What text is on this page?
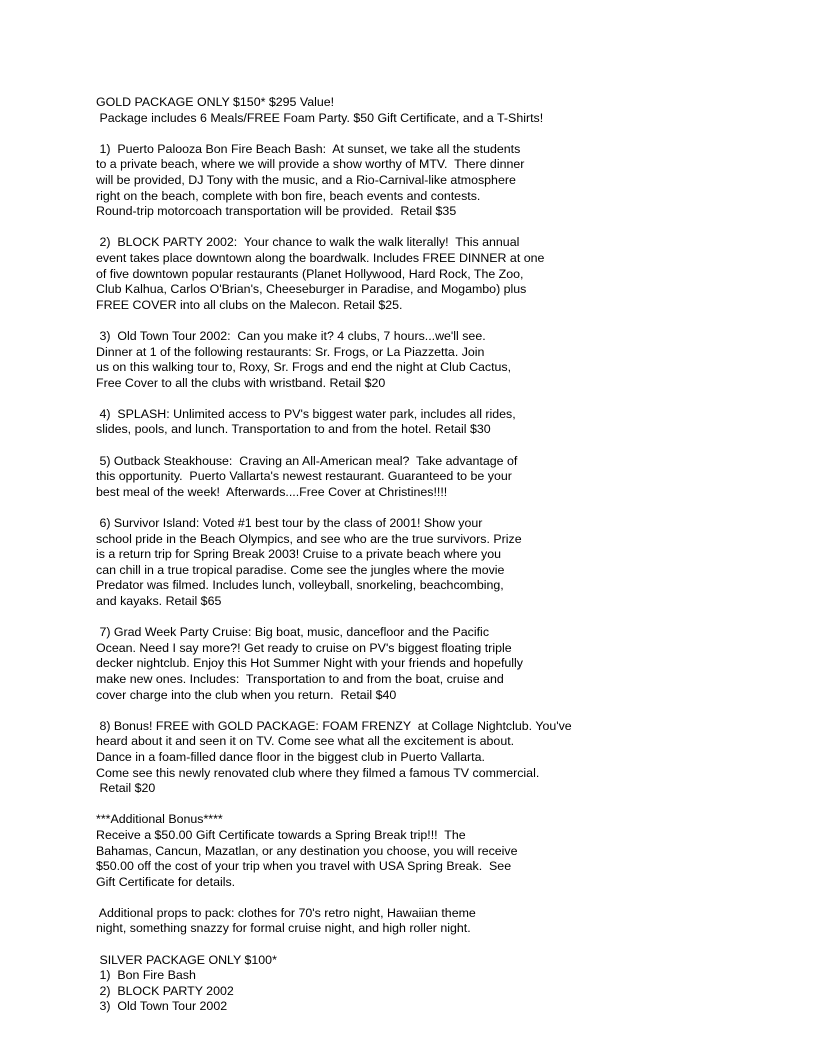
GOLD PACKAGE ONLY $150* $295 Value!
Package includes 6 Meals/FREE Foam Party. $50 Gift Certificate, and a T-Shirts!
1)  Puerto Palooza Bon Fire Beach Bash:  At sunset, we take all the students
to a private beach, where we will provide a show worthy of MTV.  There dinner
will be provided, DJ Tony with the music, and a Rio-Carnival-like atmosphere
right on the beach, complete with bon fire, beach events and contests.
Round-trip motorcoach transportation will be provided.  Retail $35
2)  BLOCK PARTY 2002:  Your chance to walk the walk literally!  This annual
event takes place downtown along the boardwalk. Includes FREE DINNER at one
of five downtown popular restaurants (Planet Hollywood, Hard Rock, The Zoo,
Club Kalhua, Carlos O'Brian's, Cheeseburger in Paradise, and Mogambo) plus
FREE COVER into all clubs on the Malecon. Retail $25.
3)  Old Town Tour 2002:  Can you make it? 4 clubs, 7 hours...we'll see.
Dinner at 1 of the following restaurants: Sr. Frogs, or La Piazzetta. Join
us on this walking tour to, Roxy, Sr. Frogs and end the night at Club Cactus,
Free Cover to all the clubs with wristband. Retail $20
4)  SPLASH: Unlimited access to PV's biggest water park, includes all rides,
slides, pools, and lunch. Transportation to and from the hotel. Retail $30
5) Outback Steakhouse:  Craving an All-American meal?  Take advantage of
this opportunity.  Puerto Vallarta's newest restaurant. Guaranteed to be your
best meal of the week!  Afterwards....Free Cover at Christines!!!!
6) Survivor Island: Voted #1 best tour by the class of 2001! Show your
school pride in the Beach Olympics, and see who are the true survivors. Prize
is a return trip for Spring Break 2003! Cruise to a private beach where you
can chill in a true tropical paradise. Come see the jungles where the movie
Predator was filmed. Includes lunch, volleyball, snorkeling, beachcombing,
and kayaks. Retail $65
7) Grad Week Party Cruise: Big boat, music, dancefloor and the Pacific
Ocean. Need I say more?! Get ready to cruise on PV's biggest floating triple
decker nightclub. Enjoy this Hot Summer Night with your friends and hopefully
make new ones. Includes:  Transportation to and from the boat, cruise and
cover charge into the club when you return.  Retail $40
8) Bonus! FREE with GOLD PACKAGE: FOAM FRENZY  at Collage Nightclub. You've
heard about it and seen it on TV. Come see what all the excitement is about.
Dance in a foam-filled dance floor in the biggest club in Puerto Vallarta.
Come see this newly renovated club where they filmed a famous TV commercial.
Retail $20
***Additional Bonus****
Receive a $50.00 Gift Certificate towards a Spring Break trip!!!  The
Bahamas, Cancun, Mazatlan, or any destination you choose, you will receive
$50.00 off the cost of your trip when you travel with USA Spring Break.  See
Gift Certificate for details.
Additional props to pack: clothes for 70's retro night, Hawaiian theme
night, something snazzy for formal cruise night, and high roller night.
SILVER PACKAGE ONLY $100*
1)  Bon Fire Bash
2)  BLOCK PARTY 2002
3)  Old Town Tour 2002
